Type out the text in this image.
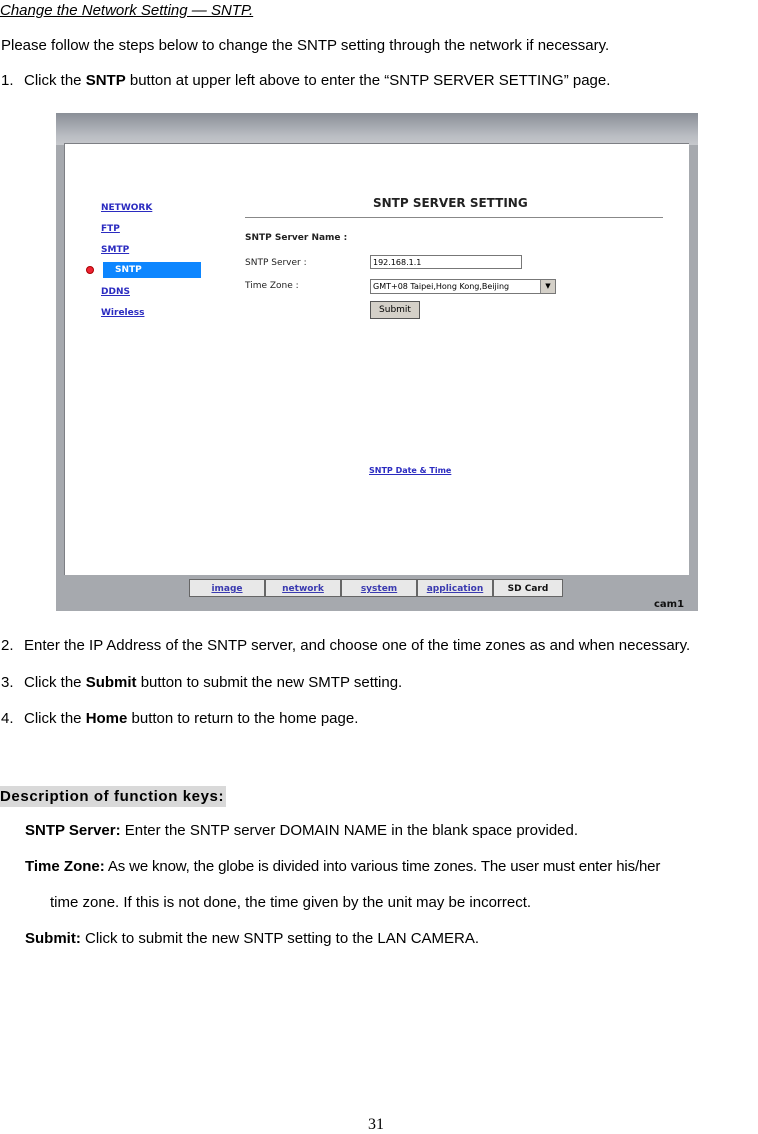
Change the Network Setting — SNTP.
Please follow the steps below to change the SNTP setting through the network if necessary.
1. Click the SNTP button at upper left above to enter the “SNTP SERVER SETTING” page.
NETWORK
FTP
SMTP
SNTP
DDNS
Wireless
SNTP SERVER SETTING
SNTP Server Name :
SNTP Server :	192.168.1.1
Time Zone :	GMT+08 Taipei,Hong Kong,Beijing	▼
Submit
SNTP Date & Time
image	network	system	application	SD Card
cam1
2. Enter the IP Address of the SNTP server, and choose one of the time zones as and when necessary.
3. Click the Submit button to submit the new SMTP setting.
4. Click the Home button to return to the home page.
Description of function keys:
SNTP Server: Enter the SNTP server DOMAIN NAME in the blank space provided.
Time Zone: As we know, the globe is divided into various time zones. The user must enter his/her
time zone. If this is not done, the time given by the unit may be incorrect.
Submit: Click to submit the new SNTP setting to the LAN CAMERA.
31
